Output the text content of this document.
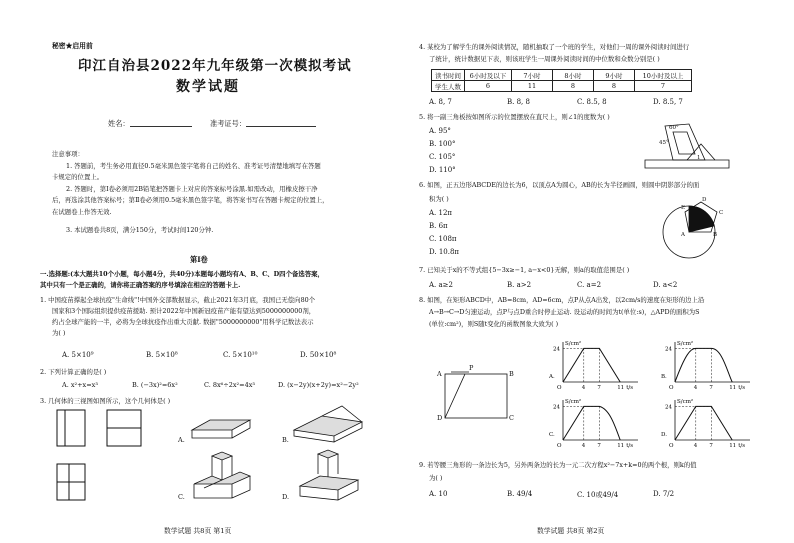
秘密★启用前
印江自治县2022年九年级第一次模拟考试
数学试题
姓名：	准考证号：
注意事项：
1. 答题前，考生务必用直径0.5毫米黑色签字笔将自己的姓名、准考证号清楚地填写在答题
卡规定的位置上。
2. 答题时，第Ⅰ卷必须用2B铅笔把答题卡上对应的答案标号涂黑.如需改动，用橡皮擦干净
后，再选涂其他答案标号；第Ⅱ卷必须用0.5毫米黑色签字笔，将答案书写在答题卡规定的位置上，
在试题卷上作答无效.
3. 本试题卷共8页，满分150分，考试时间120分钟.
第Ⅰ卷
一.选择题:(本大题共10个小题，每小题4分，共40分)本题每小题均有A、B、C、D四个备选答案，
其中只有一个是正确的，请你将正确答案的序号填涂在相应的答题卡上.
1. 中国疫苗撑起全球抗疫"生命线"!中国外交部数据显示，截止2021年3月底，我国已无偿向80个
国家和3个国际组织提供疫苗援助. 预计2022年中国新冠疫苗产能有望达到5000000000剂，
约占全球产能的一半，必将为全球抗疫作出重大贡献. 数据"5000000000"用科学记数法表示
为( )
A. 5×10⁹	B. 5×10⁸	C. 5×10¹⁰	D. 50×10⁸
2. 下列计算正确的是( )
A. x²+x=x³	B. (−3x)²=6x²	C. 8x⁶÷2x²=4x³	D. (x−2y)(x+2y)=x²−2y²
3. 几何体的三视图如图所示，这个几何体是( )
A.	B.
C.	D.
数学试题 共8页 第1页
4. 某校为了解学生的课外阅读情况，随机抽取了一个班的学生，对他们一周的课外阅读时间进行
了统计，统计数据见下表，则该班学生一周课外阅读时间的中位数和众数分别是( )
读书时间	6小时及以下	7小时	8小时	9小时	10小时及以上
学生人数	6	11	8	8	7
A. 8, 7	B. 8, 8	C. 8.5, 8	D. 8.5, 7
5. 将一副三角板按如图所示的位置摆放在直尺上，则∠1的度数为( )
A. 95°
B. 100°
C. 105°
D. 110°
60°
45°
1
6. 如图，正五边形ABCDE的边长为6，以顶点A为圆心，AB的长为半径画圆，则圆中阴影部分的面
积为( )
A. 12π
B. 6π
C. 108π
D. 10.8π
E
D
C
A	B
7. 已知关于x的不等式组{5−3x≥−1, a−x<0}无解，则a的取值范围是( )
A. a≥2	B. a>2	C. a=2	D. a<2
8. 如图，在矩形ABCD中，AB=8cm，AD=6cm，点P从点A出发，以2cm/s的速度在矩形的边上沿
A→B→C→D匀速运动，点P与点D重合时停止运动. 设运动的时间为t(单位:s)，△APD的面积为S
(单位:cm²)，则S随t变化的函数图象大致为( )
A
P
B
D	C
S/cm²
24
O	4 7	11 t/s
A.
S/cm²
24
O	4 7	11 t/s
B.
S/cm²
24
O	4 7	11 t/s
C.
S/cm²
24
O	4 7	11 t/s
D.
9. 若等腰三角形的一条边长为5，另外两条边的长为一元二次方程x²−7x+k=0的两个根，则k的值
为( )
A. 10	B. 49/4	C. 10或49/4	D. 7/2
数学试题 共8页 第2页
